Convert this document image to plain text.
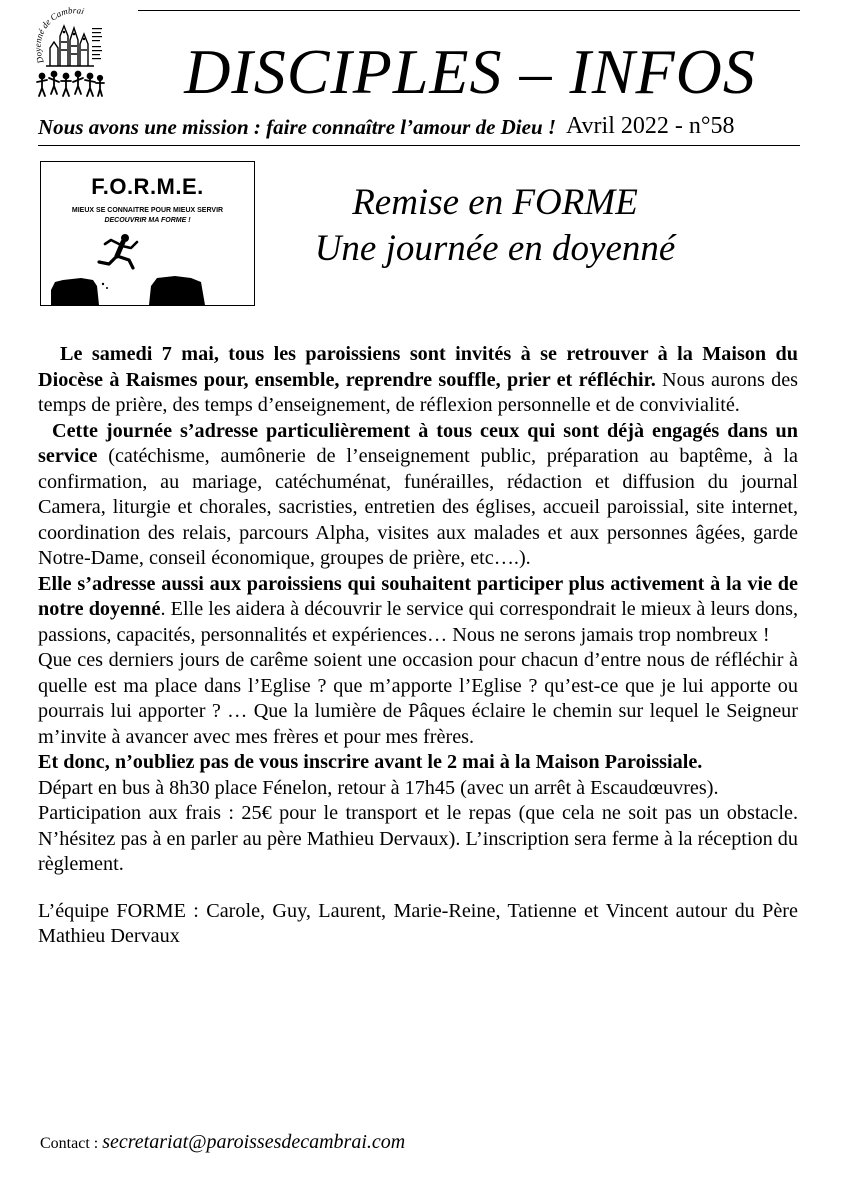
Doyenné de Cambrai
DISCIPLES – INFOS
Nous avons une mission : faire connaître l’amour de Dieu ! Avril 2022 - n°58
F.O.R.M.E.
MIEUX SE CONNAITRE POUR MIEUX SERVIR
DECOUVRIR MA FORME !	Remise en FORME
Une journée en doyenné

Le samedi 7 mai, tous les paroissiens sont invités à se retrouver à la Maison du Diocèse à Raismes pour, ensemble, reprendre souffle, prier et réfléchir. Nous aurons des temps de prière, des temps d’enseignement, de réflexion personnelle et de convivialité.

Cette journée s’adresse particulièrement à tous ceux qui sont déjà engagés dans un service (catéchisme, aumônerie de l’enseignement public, préparation au baptême, à la confirmation, au mariage, catéchuménat, funérailles, rédaction et diffusion du journal Camera, liturgie et chorales, sacristies, entretien des églises, accueil paroissial, site internet, coordination des relais, parcours Alpha, visites aux malades et aux personnes âgées, garde Notre-Dame, conseil économique, groupes de prière, etc….).

Elle s’adresse aussi aux paroissiens qui souhaitent participer plus activement à la vie de notre doyenné. Elle les aidera à découvrir le service qui correspondrait le mieux à leurs dons, passions, capacités, personnalités et expériences… Nous ne serons jamais trop nombreux !

Que ces derniers jours de carême soient une occasion pour chacun d’entre nous de réfléchir à quelle est ma place dans l’Eglise ? que m’apporte l’Eglise ? qu’est-ce que je lui apporte ou pourrais lui apporter ? … Que la lumière de Pâques éclaire le chemin sur lequel le Seigneur m’invite à avancer avec mes frères et pour mes frères.

Et donc, n’oubliez pas de vous inscrire avant le 2 mai à la Maison Paroissiale.

Départ en bus à 8h30 place Fénelon, retour à 17h45 (avec un arrêt à Escaudœuvres).

Participation aux frais : 25€ pour le transport et le repas (que cela ne soit pas un obstacle. N’hésitez pas à en parler au père Mathieu Dervaux). L’inscription sera ferme à la réception du règlement.

L’équipe FORME : Carole, Guy, Laurent, Marie-Reine, Tatienne et Vincent autour du Père Mathieu Dervaux

Contact : secretariat@paroissesdecambrai.com
